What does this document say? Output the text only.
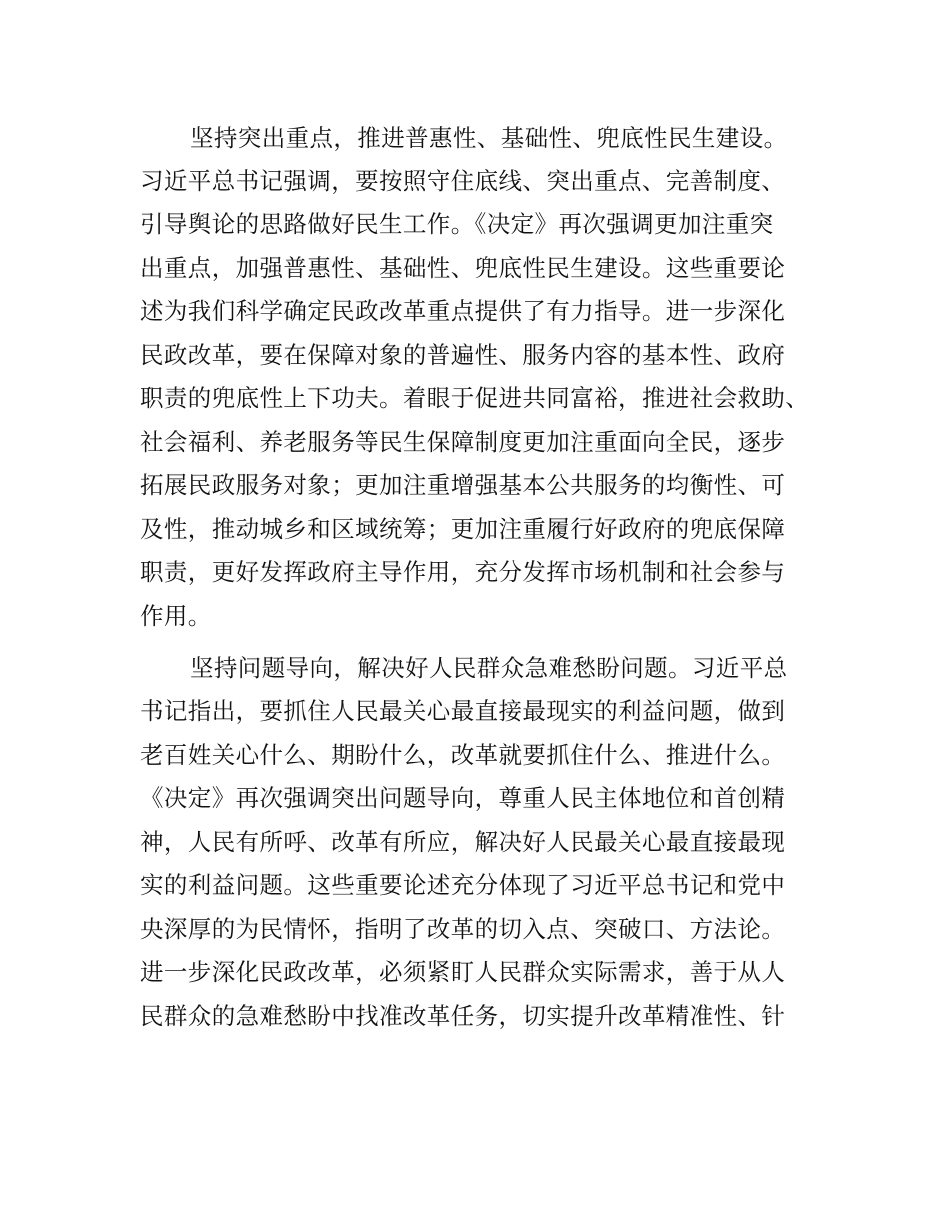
坚持突出重点，推进普惠性、基础性、兜底性民生建设。
习近平总书记强调，要按照守住底线、突出重点、完善制度、
引导舆论的思路做好民生工作。《决定》再次强调更加注重突
出重点，加强普惠性、基础性、兜底性民生建设。这些重要论
述为我们科学确定民政改革重点提供了有力指导。进一步深化
民政改革，要在保障对象的普遍性、服务内容的基本性、政府
职责的兜底性上下功夫。着眼于促进共同富裕，推进社会救助、
社会福利、养老服务等民生保障制度更加注重面向全民，逐步
拓展民政服务对象；更加注重增强基本公共服务的均衡性、可
及性，推动城乡和区域统筹；更加注重履行好政府的兜底保障
职责，更好发挥政府主导作用，充分发挥市场机制和社会参与
作用。
坚持问题导向，解决好人民群众急难愁盼问题。习近平总
书记指出，要抓住人民最关心最直接最现实的利益问题，做到
老百姓关心什么、期盼什么，改革就要抓住什么、推进什么。
《决定》再次强调突出问题导向，尊重人民主体地位和首创精
神，人民有所呼、改革有所应，解决好人民最关心最直接最现
实的利益问题。这些重要论述充分体现了习近平总书记和党中
央深厚的为民情怀，指明了改革的切入点、突破口、方法论。
进一步深化民政改革，必须紧盯人民群众实际需求，善于从人
民群众的急难愁盼中找准改革任务，切实提升改革精准性、针
